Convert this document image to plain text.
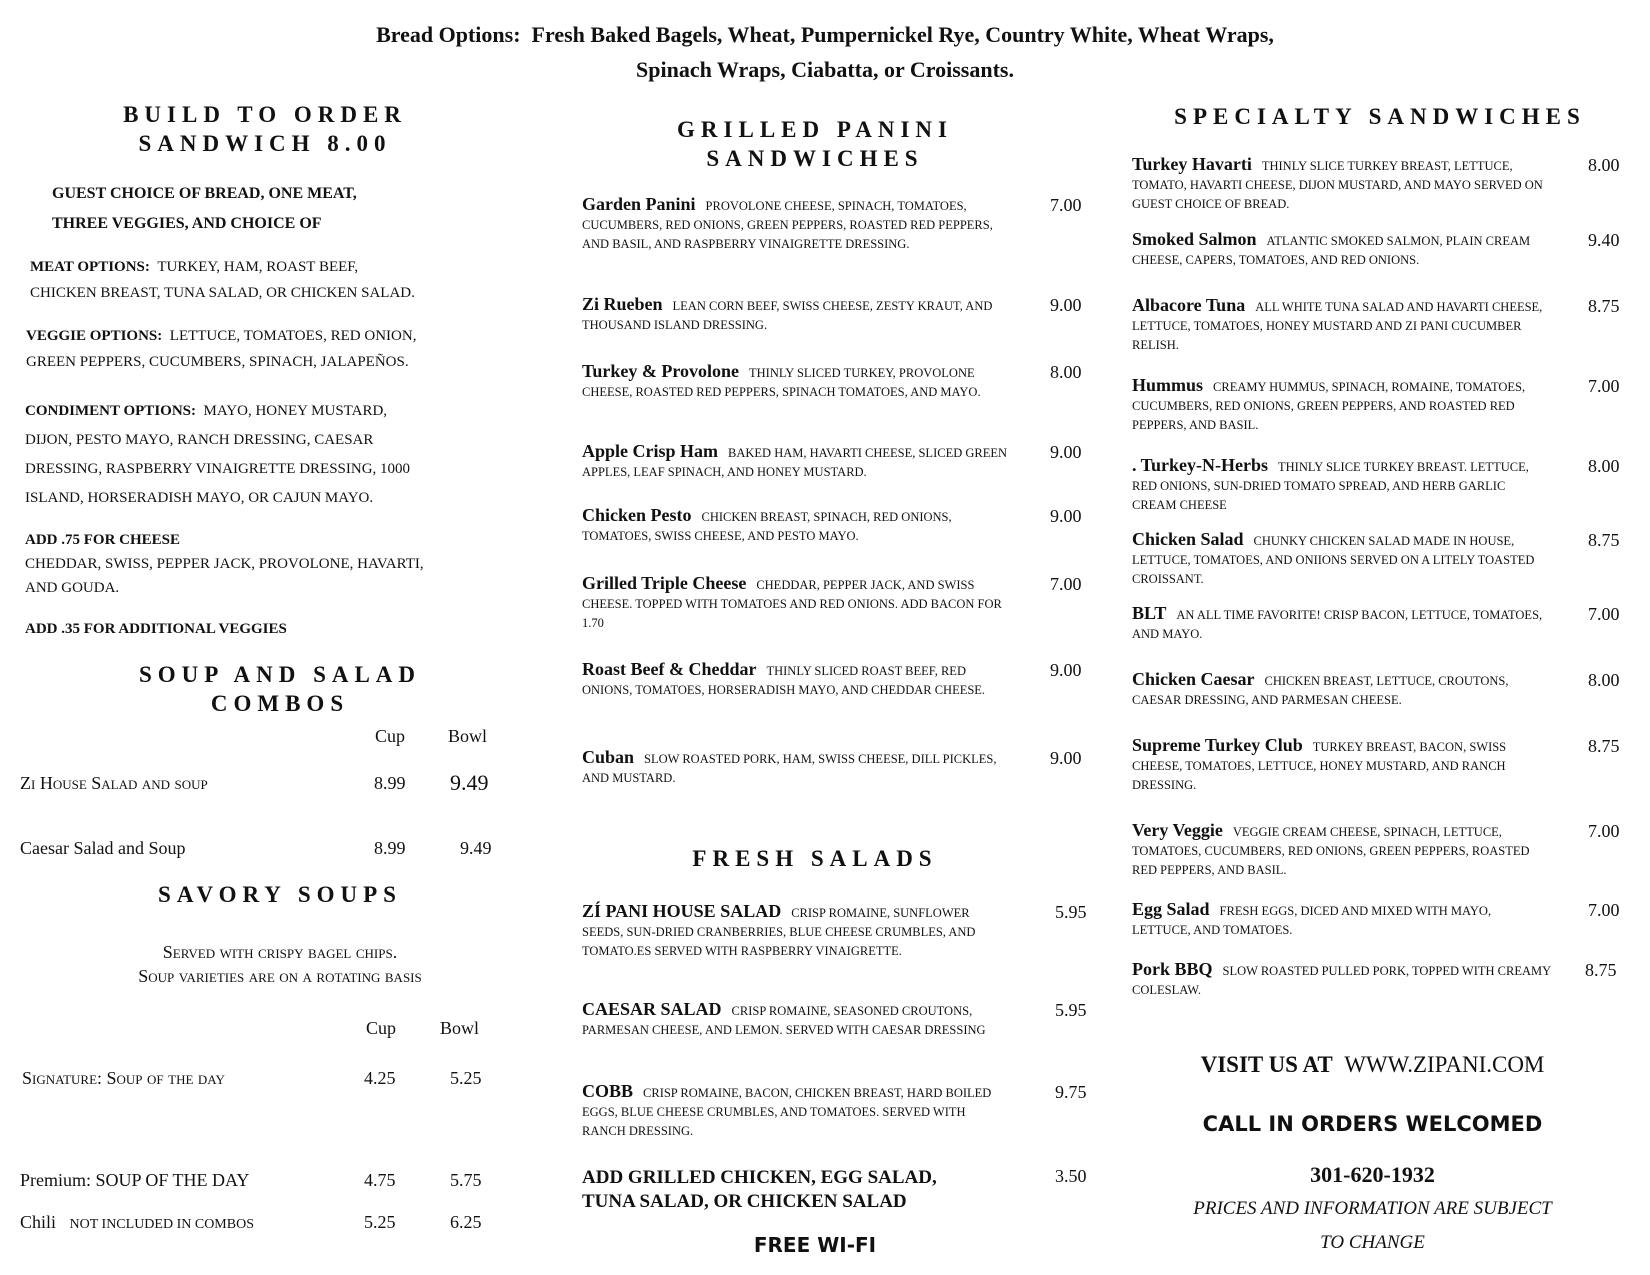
Bread Options: Fresh Baked Bagels, Wheat, Pumpernickel Rye, Country White, Wheat Wraps,
Spinach Wraps, Ciabatta, or Croissants.
BUILD TO ORDER
SANDWICH 8.00
GUEST CHOICE OF BREAD, ONE MEAT,
THREE VEGGIES, AND CHOICE OF
MEAT OPTIONS: TURKEY, HAM, ROAST BEEF,
CHICKEN BREAST, TUNA SALAD, OR CHICKEN SALAD.
VEGGIE OPTIONS: LETTUCE, TOMATOES, RED ONION,
GREEN PEPPERS, CUCUMBERS, SPINACH, JALAPEÑOS.
CONDIMENT OPTIONS: MAYO, HONEY MUSTARD,
DIJON, PESTO MAYO, RANCH DRESSING, CAESAR
DRESSING, RASPBERRY VINAIGRETTE DRESSING, 1000
ISLAND, HORSERADISH MAYO, OR CAJUN MAYO.
ADD .75 FOR CHEESE
CHEDDAR, SWISS, PEPPER JACK, PROVOLONE, HAVARTI,
AND GOUDA.
ADD .35 FOR ADDITIONAL VEGGIES
SOUP AND SALAD
COMBOS
Cup Bowl
Zi House Salad and soup	8.99 9.49
Caesar Salad and Soup	8.99	9.49
SAVORY SOUPS
Served with crispy bagel chips.
Soup varieties are on a rotating basis
Cup Bowl
Signature: Soup of the day	4.25	5.25
Premium: SOUP OF THE DAY	4.75	5.75
Chili NOT INCLUDED IN COMBOS	5.25	6.25
GRILLED PANINI
SANDWICHES
Garden Panini PROVOLONE CHEESE, SPINACH, TOMATOES, CUCUMBERS, RED ONIONS, GREEN PEPPERS, ROASTED RED PEPPERS, AND BASIL, AND RASPBERRY VINAIGRETTE DRESSING.
7.00
Zi Rueben LEAN CORN BEEF, SWISS CHEESE, ZESTY KRAUT, AND THOUSAND ISLAND DRESSING.
9.00
Turkey & Provolone THINLY SLICED TURKEY, PROVOLONE CHEESE, ROASTED RED PEPPERS, SPINACH TOMATOES, AND MAYO.
8.00
Apple Crisp Ham BAKED HAM, HAVARTI CHEESE, SLICED GREEN APPLES, LEAF SPINACH, AND HONEY MUSTARD.
9.00
Chicken Pesto CHICKEN BREAST, SPINACH, RED ONIONS, TOMATOES, SWISS CHEESE, AND PESTO MAYO.
9.00
Grilled Triple Cheese CHEDDAR, PEPPER JACK, AND SWISS CHEESE. TOPPED WITH TOMATOES AND RED ONIONS. ADD BACON FOR 1.70
7.00
Roast Beef & Cheddar THINLY SLICED ROAST BEEF, RED ONIONS, TOMATOES, HORSERADISH MAYO, AND CHEDDAR CHEESE.
9.00
Cuban SLOW ROASTED PORK, HAM, SWISS CHEESE, DILL PICKLES, AND MUSTARD.
9.00
FRESH SALADS
ZÍ PANI HOUSE SALAD CRISP ROMAINE, SUNFLOWER SEEDS, SUN-DRIED CRANBERRIES, BLUE CHEESE CRUMBLES, AND TOMATO.ES SERVED WITH RASPBERRY VINAIGRETTE.
5.95
CAESAR SALAD CRISP ROMAINE, SEASONED CROUTONS, PARMESAN CHEESE, AND LEMON. SERVED WITH CAESAR DRESSING
5.95
COBB CRISP ROMAINE, BACON, CHICKEN BREAST, HARD BOILED EGGS, BLUE CHEESE CRUMBLES, AND TOMATOES. SERVED WITH RANCH DRESSING.
9.75
ADD GRILLED CHICKEN, EGG SALAD,
TUNA SALAD, OR CHICKEN SALAD
3.50
FREE WI-FI
SPECIALTY SANDWICHES
Turkey Havarti THINLY SLICE TURKEY BREAST, LETTUCE, TOMATO, HAVARTI CHEESE, DIJON MUSTARD, AND MAYO SERVED ON GUEST CHOICE OF BREAD.
8.00
Smoked Salmon ATLANTIC SMOKED SALMON, PLAIN CREAM CHEESE, CAPERS, TOMATOES, AND RED ONIONS.
9.40
Albacore Tuna ALL WHITE TUNA SALAD AND HAVARTI CHEESE, LETTUCE, TOMATOES, HONEY MUSTARD AND ZI PANI CUCUMBER RELISH.
8.75
Hummus CREAMY HUMMUS, SPINACH, ROMAINE, TOMATOES, CUCUMBERS, RED ONIONS, GREEN PEPPERS, AND ROASTED RED PEPPERS, AND BASIL.
7.00
. Turkey-N-Herbs THINLY SLICE TURKEY BREAST. LETTUCE, RED ONIONS, SUN-DRIED TOMATO SPREAD, AND HERB GARLIC CREAM CHEESE
8.00
Chicken Salad CHUNKY CHICKEN SALAD MADE IN HOUSE, LETTUCE, TOMATOES, AND ONIIONS SERVED ON A LITELY TOASTED CROISSANT.
8.75
BLT AN ALL TIME FAVORITE! CRISP BACON, LETTUCE, TOMATOES, AND MAYO.
7.00
Chicken Caesar CHICKEN BREAST, LETTUCE, CROUTONS, CAESAR DRESSING, AND PARMESAN CHEESE.
8.00
Supreme Turkey Club TURKEY BREAST, BACON, SWISS CHEESE, TOMATOES, LETTUCE, HONEY MUSTARD, AND RANCH DRESSING.
8.75
Very Veggie VEGGIE CREAM CHEESE, SPINACH, LETTUCE, TOMATOES, CUCUMBERS, RED ONIONS, GREEN PEPPERS, ROASTED RED PEPPERS, AND BASIL.
7.00
Egg Salad FRESH EGGS, DICED AND MIXED WITH MAYO, LETTUCE, AND TOMATOES.
7.00
Pork BBQ SLOW ROASTED PULLED PORK, TOPPED WITH CREAMY COLESLAW.
8.75
VISIT US AT WWW.ZIPANI.COM
CALL IN ORDERS WELCOMED
301-620-1932
PRICES AND INFORMATION ARE SUBJECT
TO CHANGE
